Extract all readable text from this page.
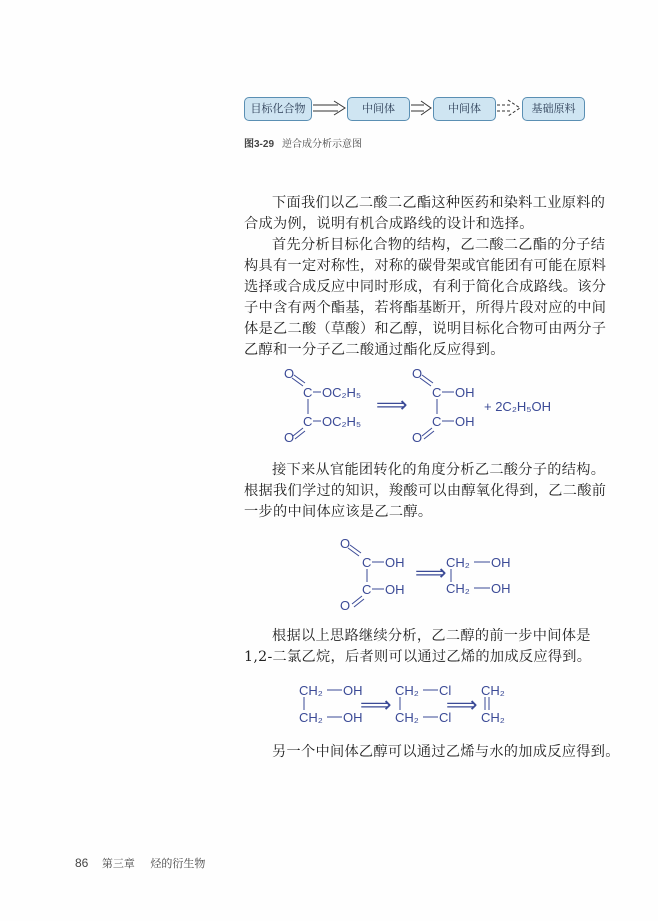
目标化合物	中间体	中间体	基础原料
O
C OC₂H₅
C OC₂H₅
O
⟹
O
C OH
C OH
O
+ 2C₂H₅OH
O
C OH
C OH
O
⟹ CH₂ OH
CH₂ OH
CH₂ OH
CH₂ OH
⟹
CH₂ Cl
CH₂ Cl
⟹
CH₂
CH₂
图3-29 逆合成分析示意图
下面我们以乙二酸二乙酯这种医药和染料工业原料的
合成为例，说明有机合成路线的设计和选择。
首先分析目标化合物的结构，乙二酸二乙酯的分子结
构具有一定对称性，对称的碳骨架或官能团有可能在原料
选择或合成反应中同时形成，有利于简化合成路线。该分
子中含有两个酯基，若将酯基断开，所得片段对应的中间
体是乙二酸（草酸）和乙醇，说明目标化合物可由两分子
乙醇和一分子乙二酸通过酯化反应得到。
接下来从官能团转化的角度分析乙二酸分子的结构。
根据我们学过的知识，羧酸可以由醇氧化得到，乙二酸前
一步的中间体应该是乙二醇。
根据以上思路继续分析，乙二醇的前一步中间体是
1,2-二氯乙烷，后者则可以通过乙烯的加成反应得到。
另一个中间体乙醇可以通过乙烯与水的加成反应得到。
86 第三章 烃的衍生物
